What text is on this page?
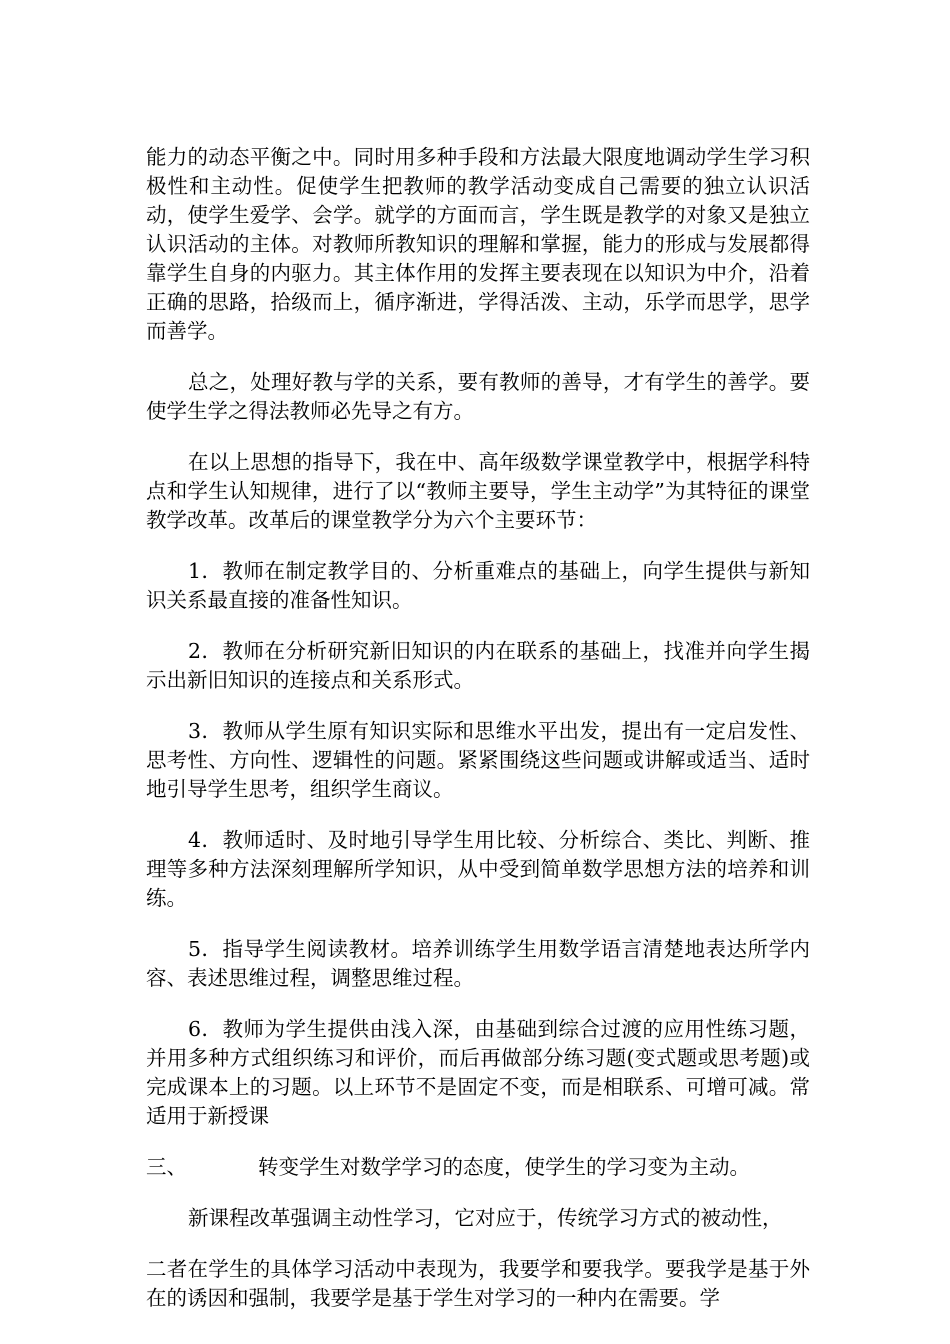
能力的动态平衡之中。同时用多种手段和方法最大限度地调动学生学习积极性和主动性。促使学生把教师的教学活动变成自己需要的独立认识活动，使学生爱学、会学。就学的方面而言，学生既是教学的对象又是独立认识活动的主体。对教师所教知识的理解和掌握，能力的形成与发展都得靠学生自身的内驱力。其主体作用的发挥主要表现在以知识为中介，沿着正确的思路，拾级而上，循序渐进，学得活泼、主动，乐学而思学，思学而善学。

总之，处理好教与学的关系，要有教师的善导，才有学生的善学。要使学生学之得法教师必先导之有方。

在以上思想的指导下，我在中、高年级数学课堂教学中，根据学科特点和学生认知规律，进行了以“教师主要导，学生主动学”为其特征的课堂教学改革。改革后的课堂教学分为六个主要环节：

1．教师在制定教学目的、分析重难点的基础上，向学生提供与新知识关系最直接的准备性知识。

2．教师在分析研究新旧知识的内在联系的基础上，找准并向学生揭示出新旧知识的连接点和关系形式。

3．教师从学生原有知识实际和思维水平出发，提出有一定启发性、思考性、方向性、逻辑性的问题。紧紧围绕这些问题或讲解或适当、适时地引导学生思考，组织学生商议。

4．教师适时、及时地引导学生用比较、分析综合、类比、判断、推理等多种方法深刻理解所学知识，从中受到简单数学思想方法的培养和训练。

5．指导学生阅读教材。培养训练学生用数学语言清楚地表达所学内容、表述思维过程，调整思维过程。

6．教师为学生提供由浅入深，由基础到综合过渡的应用性练习题，并用多种方式组织练习和评价，而后再做部分练习题(变式题或思考题)或完成课本上的习题。以上环节不是固定不变，而是相联系、可增可减。常适用于新授课

三、	转变学生对数学学习的态度，使学生的学习变为主动。

新课程改革强调主动性学习，它对应于，传统学习方式的被动性，

二者在学生的具体学习活动中表现为，我要学和要我学。要我学是基于外在的诱因和强制，我要学是基于学生对学习的一种内在需要。学
